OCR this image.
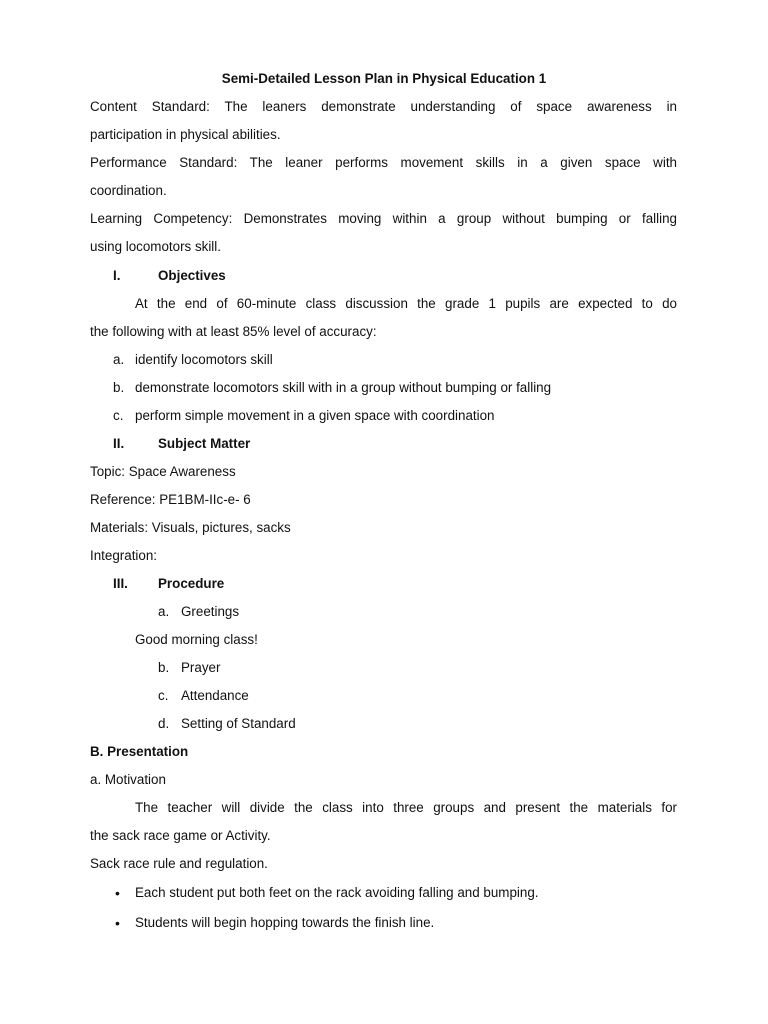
Semi-Detailed Lesson Plan in Physical Education 1
Content Standard: The leaners demonstrate understanding of space awareness in
participation in physical abilities.
Performance Standard: The leaner performs movement skills in a given space with
coordination.
Learning Competency: Demonstrates moving within a group without bumping or falling
using locomotors skill.
I.	Objectives
At the end of 60-minute class discussion the grade 1 pupils are expected to do
the following with at least 85% level of accuracy:
a. identify locomotors skill
b. demonstrate locomotors skill with in a group without bumping or falling
c. perform simple movement in a given space with coordination
II.	Subject Matter
Topic: Space Awareness
Reference: PE1BM-IIc-e- 6
Materials: Visuals, pictures, sacks
Integration:
III. Procedure
a. Greetings
Good morning class!
b. Prayer
c. Attendance
d. Setting of Standard
B. Presentation
a. Motivation
The teacher will divide the class into three groups and present the materials for
the sack race game or Activity.
Sack race rule and regulation.
• Each student put both feet on the rack avoiding falling and bumping.
• Students will begin hopping towards the finish line.
